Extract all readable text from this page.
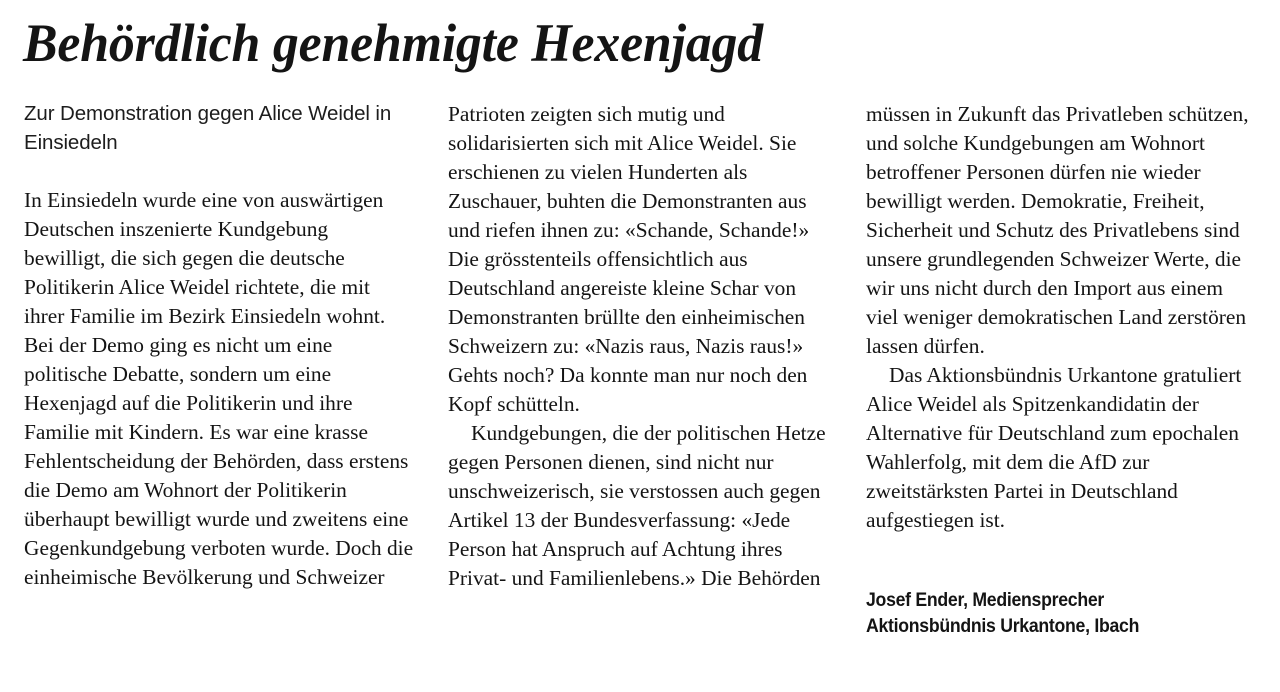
Behördlich genehmigte Hexenjagd

Zur Demonstration gegen Alice Weidel in Einsiedeln

In Einsiedeln wurde eine von auswärtigen Deutschen inszenierte Kundgebung bewilligt, die sich gegen die deutsche Politikerin Alice Weidel richtete, die mit ihrer Familie im Bezirk Einsiedeln wohnt. Bei der Demo ging es nicht um eine politische Debatte, sondern um eine Hexenjagd auf die Politikerin und ihre Familie mit Kindern. Es war eine krasse Fehlentscheidung der Behörden, dass erstens die Demo am Wohnort der Politikerin überhaupt bewilligt wurde und zweitens eine Gegenkundgebung verboten wurde. Doch die einheimische Bevölkerung und Schweizer

Patrioten zeigten sich mutig und solidarisierten sich mit Alice Weidel. Sie erschienen zu vielen Hunderten als Zuschauer, buhten die Demonstranten aus und riefen ihnen zu: «Schande, Schande!» Die grösstenteils offensichtlich aus Deutschland angereiste kleine Schar von Demonstranten brüllte den einheimischen Schweizern zu: «Nazis raus, Nazis raus!» Gehts noch? Da konnte man nur noch den Kopf schütteln.

Kundgebungen, die der politischen Hetze gegen Personen dienen, sind nicht nur unschweizerisch, sie verstossen auch gegen Artikel 13 der Bundesverfassung: «Jede Person hat Anspruch auf Achtung ihres Privat- und Familienlebens.» Die Behörden

müssen in Zukunft das Privatleben schützen, und solche Kundgebungen am Wohnort betroffener Personen dürfen nie wieder bewilligt werden. Demokratie, Freiheit, Sicherheit und Schutz des Privatlebens sind unsere grundlegenden Schweizer Werte, die wir uns nicht durch den Import aus einem viel weniger demokratischen Land zerstören lassen dürfen.

Das Aktionsbündnis Urkantone gratuliert Alice Weidel als Spitzenkandidatin der Alternative für Deutschland zum epochalen Wahlerfolg, mit dem die AfD zur zweitstärksten Partei in Deutschland aufgestiegen ist.

Josef Ender, Mediensprecher Aktionsbündnis Urkantone, Ibach
